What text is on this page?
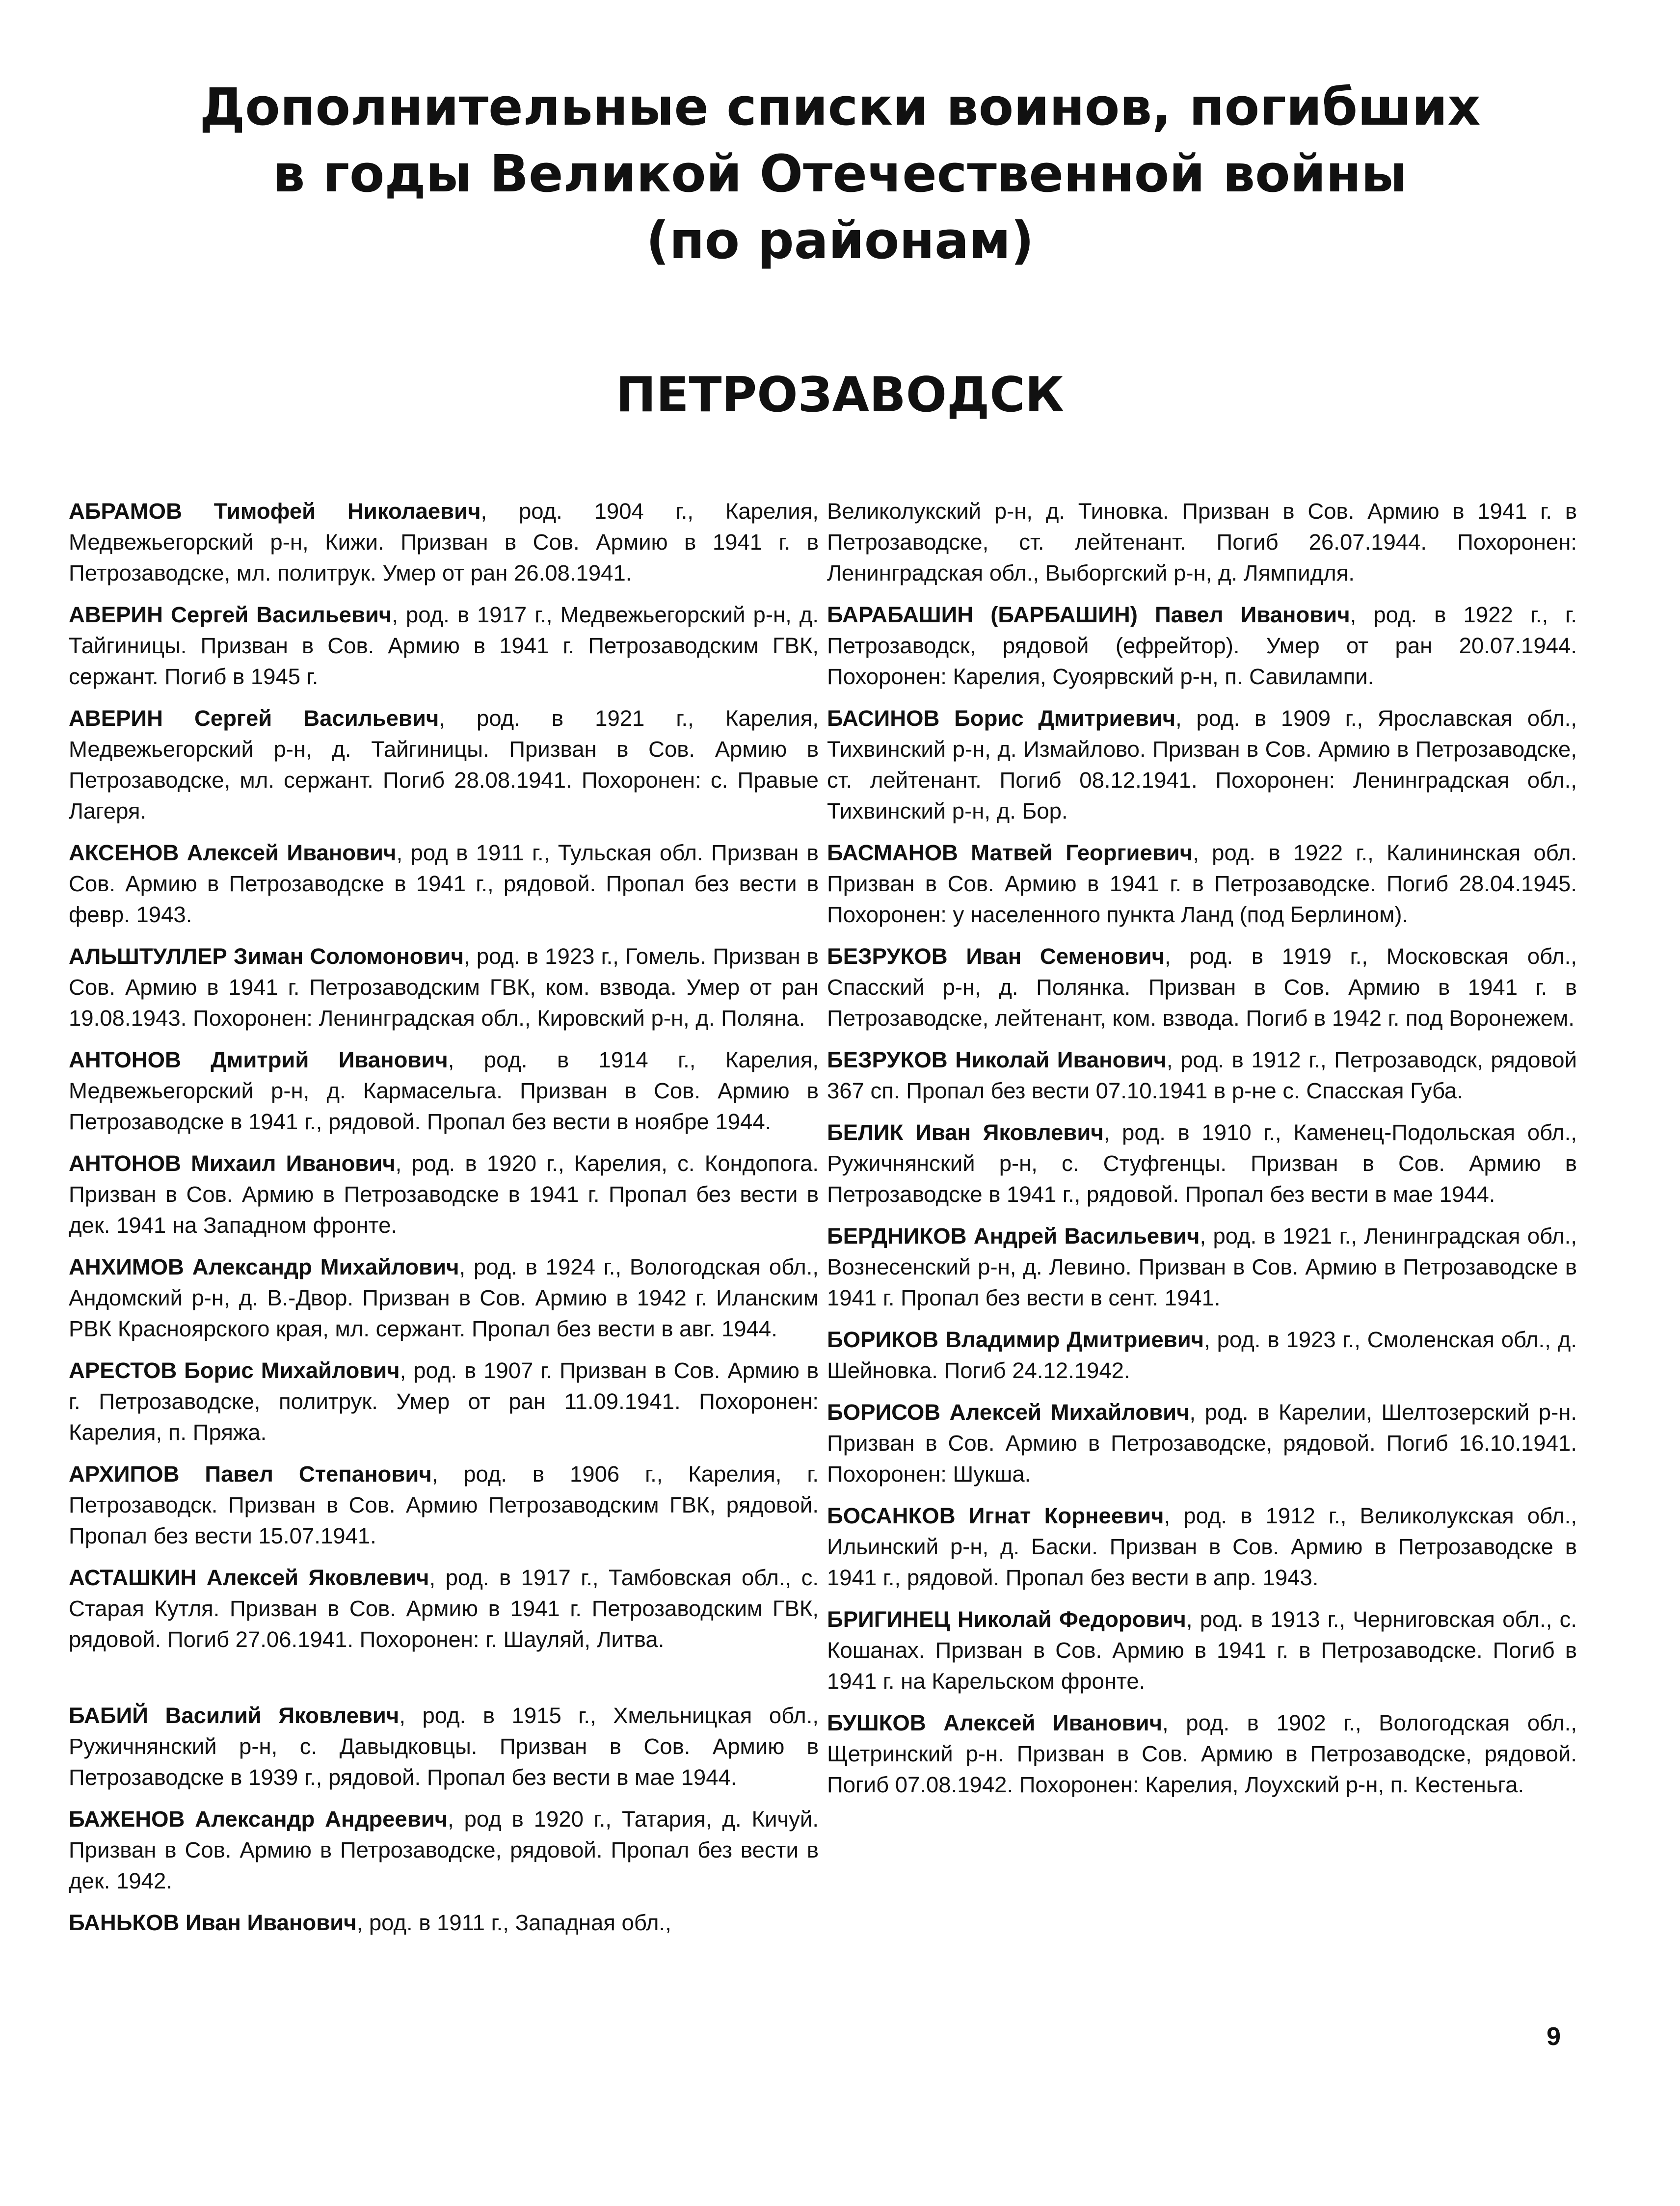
Дополнительные списки воинов, погибших
в годы Великой Отечественной войны
(по районам)
ПЕТРОЗАВОДСК

АБРАМОВ Тимофей Николаевич, род. 1904 г., Карелия, Медвежьегорский р-н, Кижи. Призван в Сов. Армию в 1941 г. в Петрозаводске, мл. политрук. Умер от ран 26.08.1941.

АВЕРИН Сергей Васильевич, род. в 1917 г., Медвежьегорский р-н, д. Тайгиницы. Призван в Сов. Армию в 1941 г. Петрозаводским ГВК, сержант. Погиб в 1945 г.

АВЕРИН Сергей Васильевич, род. в 1921 г., Карелия, Медвежьегорский р-н, д. Тайгиницы. Призван в Сов. Армию в Петрозаводске, мл. сержант. Погиб 28.08.1941. Похоронен: с. Правые Лагеря.

АКСЕНОВ Алексей Иванович, род в 1911 г., Тульская обл. Призван в Сов. Армию в Петрозаводске в 1941 г., рядовой. Пропал без вести в февр. 1943.

АЛЬШТУЛЛЕР Зиман Соломонович, род. в 1923 г., Гомель. Призван в Сов. Армию в 1941 г. Петрозаводским ГВК, ком. взвода. Умер от ран 19.08.1943. Похоронен: Ленинградская обл., Кировский р-н, д. Поляна.

АНТОНОВ Дмитрий Иванович, род. в 1914 г., Карелия, Медвежьегорский р-н, д. Кармасельга. Призван в Сов. Армию в Петрозаводске в 1941 г., рядовой. Пропал без вести в ноябре 1944.

АНТОНОВ Михаил Иванович, род. в 1920 г., Карелия, с. Кондопога. Призван в Сов. Армию в Петрозаводске в 1941 г. Пропал без вести в дек. 1941 на Западном фронте.

АНХИМОВ Александр Михайлович, род. в 1924 г., Вологодская обл., Андомский р-н, д. В.-Двор. Призван в Сов. Армию в 1942 г. Иланским РВК Красноярского края, мл. сержант. Пропал без вести в авг. 1944.

АРЕСТОВ Борис Михайлович, род. в 1907 г. Призван в Сов. Армию в г. Петрозаводске, политрук. Умер от ран 11.09.1941. Похоронен: Карелия, п. Пряжа.

АРХИПОВ Павел Степанович, род. в 1906 г., Карелия, г. Петрозаводск. Призван в Сов. Армию Петрозаводским ГВК, рядовой. Пропал без вести 15.07.1941.

АСТАШКИН Алексей Яковлевич, род. в 1917 г., Тамбовская обл., с. Старая Кутля. Призван в Сов. Армию в 1941 г. Петрозаводским ГВК, рядовой. Погиб 27.06.1941. Похоронен: г. Шауляй, Литва.

БАБИЙ Василий Яковлевич, род. в 1915 г., Хмельницкая обл., Ружичнянский р-н, с. Давыдковцы. Призван в Сов. Армию в Петрозаводске в 1939 г., рядовой. Пропал без вести в мае 1944.

БАЖЕНОВ Александр Андреевич, род в 1920 г., Татария, д. Кичуй. Призван в Сов. Армию в Петрозаводске, рядовой. Пропал без вести в дек. 1942.

БАНЬКОВ Иван Иванович, род. в 1911 г., Западная обл.,

Великолукский р-н, д. Тиновка. Призван в Сов. Армию в 1941 г. в Петрозаводске, ст. лейтенант. Погиб 26.07.1944. Похоронен: Ленинградская обл., Выборгский р-н, д. Лямпидля.

БАРАБАШИН (БАРБАШИН) Павел Иванович, род. в 1922 г., г. Петрозаводск, рядовой (ефрейтор). Умер от ран 20.07.1944. Похоронен: Карелия, Суоярвский р-н, п. Савилампи.

БАСИНОВ Борис Дмитриевич, род. в 1909 г., Ярославская обл., Тихвинский р-н, д. Измайлово. Призван в Сов. Армию в Петрозаводске, ст. лейтенант. Погиб 08.12.1941. Похоронен: Ленинградская обл., Тихвинский р-н, д. Бор.

БАСМАНОВ Матвей Георгиевич, род. в 1922 г., Калининская обл. Призван в Сов. Армию в 1941 г. в Петрозаводске. Погиб 28.04.1945. Похоронен: у населенного пункта Ланд (под Берлином).

БЕЗРУКОВ Иван Семенович, род. в 1919 г., Московская обл., Спасский р-н, д. Полянка. Призван в Сов. Армию в 1941 г. в Петрозаводске, лейтенант, ком. взвода. Погиб в 1942 г. под Воронежем.

БЕЗРУКОВ Николай Иванович, род. в 1912 г., Петрозаводск, рядовой 367 сп. Пропал без вести 07.10.1941 в р-не с. Спасская Губа.

БЕЛИК Иван Яковлевич, род. в 1910 г., Каменец-Подольская обл., Ружичнянский р-н, с. Стуфгенцы. Призван в Сов. Армию в Петрозаводске в 1941 г., рядовой. Пропал без вести в мае 1944.

БЕРДНИКОВ Андрей Васильевич, род. в 1921 г., Ленинградская обл., Вознесенский р-н, д. Левино. Призван в Сов. Армию в Петрозаводске в 1941 г. Пропал без вести в сент. 1941.

БОРИКОВ Владимир Дмитриевич, род. в 1923 г., Смоленская обл., д. Шейновка. Погиб 24.12.1942.

БОРИСОВ Алексей Михайлович, род. в Карелии, Шелтозерский р-н. Призван в Сов. Армию в Петрозаводске, рядовой. Погиб 16.10.1941. Похоронен: Шукша.

БОСАНКОВ Игнат Корнеевич, род. в 1912 г., Великолукская обл., Ильинский р-н, д. Баски. Призван в Сов. Армию в Петрозаводске в 1941 г., рядовой. Пропал без вести в апр. 1943.

БРИГИНЕЦ Николай Федорович, род. в 1913 г., Черниговская обл., с. Кошанах. Призван в Сов. Армию в 1941 г. в Петрозаводске. Погиб в 1941 г. на Карельском фронте.

БУШКОВ Алексей Иванович, род. в 1902 г., Вологодская обл., Щетринский р-н. Призван в Сов. Армию в Петрозаводске, рядовой. Погиб 07.08.1942. Похоронен: Карелия, Лоухский р-н, п. Кестеньга.

9
